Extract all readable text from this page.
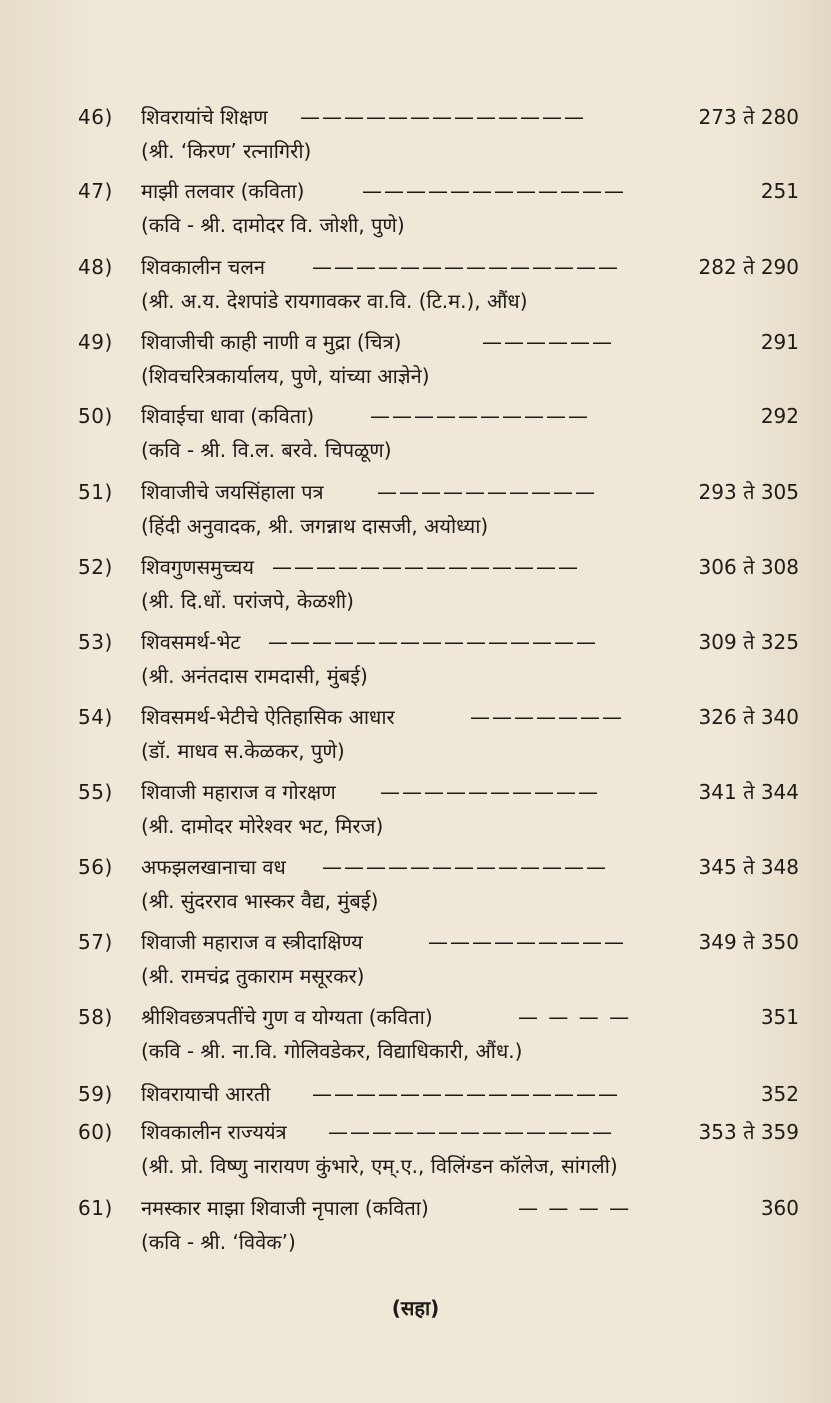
46) शिवरायांचे शिक्षण —————————————	273 ते 280
(श्री. ‘किरण’ रत्नागिरी)
47) माझी तलवार (कविता)	————————————	251
(कवि - श्री. दामोदर वि. जोशी, पुणे)
48) शिवकालीन चलन ——————————————	282 ते 290
(श्री. अ.य. देशपांडे रायगावकर वा.वि. (टि.म.), औंध)
49) शिवाजीची काही नाणी व मुद्रा (चित्र)	——————	291
(शिवचरित्रकार्यालय, पुणे, यांच्या आज्ञेने)
50) शिवाईचा धावा (कविता)	——————————	292
(कवि - श्री. वि.ल. बरवे. चिपळूण)
51) शिवाजीचे जयसिंहाला पत्र	——————————	293 ते 305
(हिंदी अनुवादक, श्री. जगन्नाथ दासजी, अयोध्या)
52) शिवगुणसमुच्चय ——————————————	306 ते 308
(श्री. दि.धों. परांजपे, केळशी)
53) शिवसमर्थ-भेट ———————————————	309 ते 325
(श्री. अनंतदास रामदासी, मुंबई)
54) शिवसमर्थ-भेटीचे ऐतिहासिक आधार	———————	326 ते 340
(डॉ. माधव स.केळकर, पुणे)
55) शिवाजी महाराज व गोरक्षण ——————————	341 ते 344
(श्री. दामोदर मोरेश्वर भट, मिरज)
56) अफझलखानाचा वध —————————————	345 ते 348
(श्री. सुंदरराव भास्कर वैद्य, मुंबई)
57) शिवाजी महाराज व स्त्रीदाक्षिण्य	—————————	349 ते 350
(श्री. रामचंद्र तुकाराम मसूरकर)
58) श्रीशिवछत्रपतींचे गुण व योग्यता (कविता)	— — — —	351
(कवि - श्री. ना.वि. गोलिवडेकर, विद्याधिकारी, औंध.)
59) शिवरायाची आरती ——————————————	352
60) शिवकालीन राज्ययंत्र —————————————	353 ते 359
(श्री. प्रो. विष्णु नारायण कुंभारे, एम्.ए., विलिंग्डन कॉलेज, सांगली)
61) नमस्कार माझा शिवाजी नृपाला (कविता)	— — — —	360
(कवि - श्री. ‘विवेक’)
(सहा)
